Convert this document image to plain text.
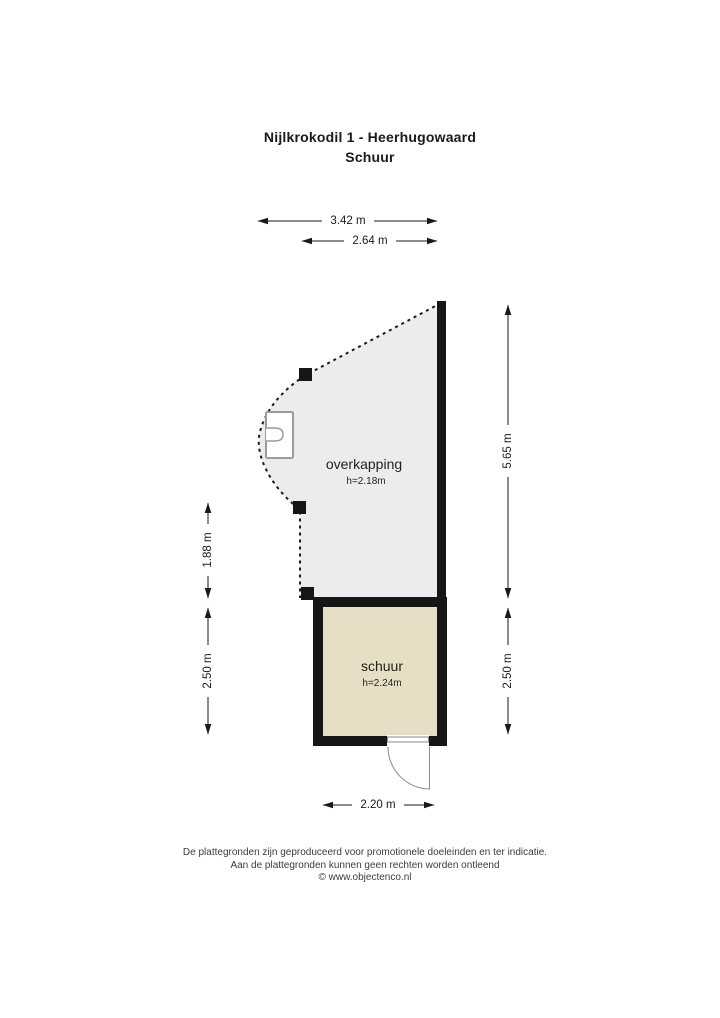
Nijlkrokodil 1 - Heerhugowaard
Schuur
overkapping
h=2.18m
schuur
h=2.24m
3.42 m
2.64 m
5.65 m
2.50 m
1.88 m
2.50 m
2.20 m
De plattegronden zijn geproduceerd voor promotionele doeleinden en ter indicatie.
Aan de plattegronden kunnen geen rechten worden ontleend
© www.objectenco.nl
